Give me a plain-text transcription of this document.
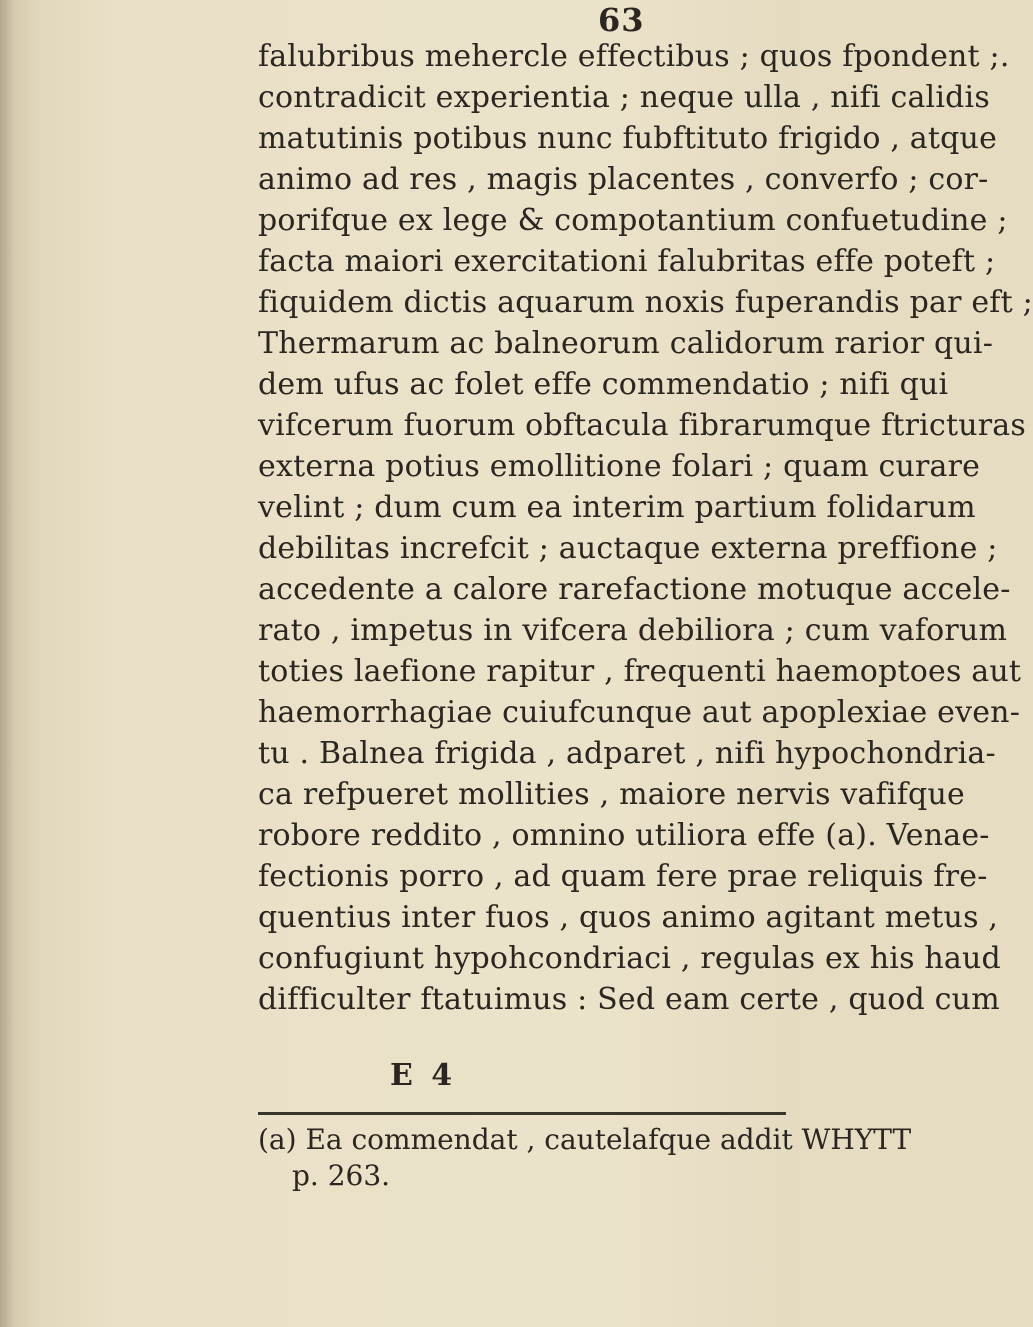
63
falubribus mehercle effectibus ; quos fpondent ;.
contradicit experientia ; neque ulla , nifi calidis
matutinis potibus nunc fubftituto frigido , atque
animo ad res , magis placentes , converfo ; cor-
porifque ex lege & compotantium confuetudine ;
facta maiori exercitationi falubritas effe poteft ;
fiquidem dictis aquarum noxis fuperandis par eft ;
Thermarum ac balneorum calidorum rarior qui-
dem ufus ac folet effe commendatio ; nifi qui
vifcerum fuorum obftacula fibrarumque ftricturas
externa potius emollitione folari ; quam curare
velint ; dum cum ea interim partium folidarum
debilitas increfcit ; auctaque externa preffione ;
accedente a calore rarefactione motuque accele-
rato , impetus in vifcera debiliora ; cum vaforum
toties laefione rapitur , frequenti haemoptoes aut
haemorrhagiae cuiufcunque aut apoplexiae even-
tu . Balnea frigida , adparet , nifi hypochondria-
ca refpueret mollities , maiore nervis vafifque
robore reddito , omnino utiliora effe (a). Venae-
fectionis porro , ad quam fere prae reliquis fre-
quentius inter fuos , quos animo agitant metus ,
confugiunt hypohcondriaci , regulas ex his haud
difficulter ftatuimus : Sed eam certe , quod cum
E 4
(a) Ea commendat , cautelafque addit WHYTT
p. 263.
